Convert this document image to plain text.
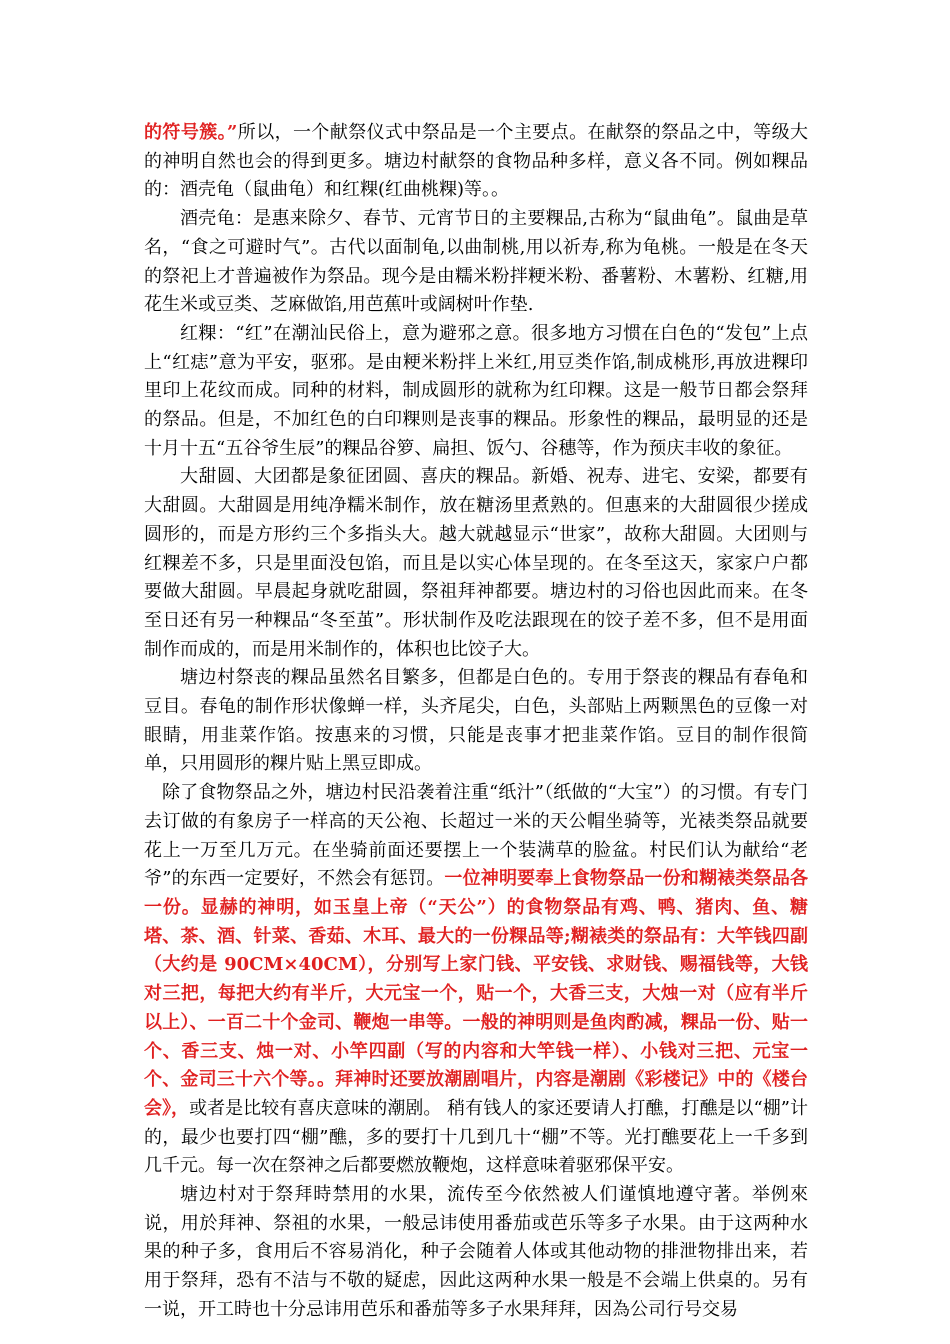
的符号簇。”所以，一个献祭仪式中祭品是一个主要点。在献祭的祭品之中，等级大的神明自然也会的得到更多。塘边村献祭的食物品种多样，意义各不同。例如粿品的：酒壳龟（鼠曲龟）和红粿(红曲桃粿)等。。

酒壳龟：是惠来除夕、春节、元宵节日的主要粿品,古称为“鼠曲龟”。鼠曲是草名，“食之可避时气”。古代以面制龟,以曲制桃,用以祈寿,称为龟桃。一般是在冬天的祭祀上才普遍被作为祭品。现今是由糯米粉拌粳米粉、番薯粉、木薯粉、红糖,用花生米或豆类、芝麻做馅,用芭蕉叶或阔树叶作垫.

红粿：“红”在潮汕民俗上，意为避邪之意。很多地方习惯在白色的“发包”上点上“红痣”意为平安，驱邪。是由粳米粉拌上米红,用豆类作馅,制成桃形,再放进粿印里印上花纹而成。同种的材料，制成圆形的就称为红印粿。这是一般节日都会祭拜的祭品。但是，不加红色的白印粿则是丧事的粿品。形象性的粿品，最明显的还是十月十五“五谷爷生辰”的粿品谷箩、扁担、饭勺、谷穗等，作为预庆丰收的象征。

大甜圆、大团都是象征团圆、喜庆的粿品。新婚、祝寿、进宅、安梁，都要有大甜圆。大甜圆是用纯净糯米制作，放在糖汤里煮熟的。但惠来的大甜圆很少搓成圆形的，而是方形约三个多指头大。越大就越显示“世家”，故称大甜圆。大团则与红粿差不多，只是里面没包馅，而且是以实心体呈现的。在冬至这天，家家户户都要做大甜圆。早晨起身就吃甜圆，祭祖拜神都要。塘边村的习俗也因此而来。在冬至日还有另一种粿品“冬至茧”。形状制作及吃法跟现在的饺子差不多，但不是用面制作而成的，而是用米制作的，体积也比饺子大。

塘边村祭丧的粿品虽然名目繁多，但都是白色的。专用于祭丧的粿品有春龟和豆目。春龟的制作形状像蝉一样，头齐尾尖，白色，头部贴上两颗黑色的豆像一对眼睛，用韭菜作馅。按惠来的习惯，只能是丧事才把韭菜作馅。豆目的制作很简单，只用圆形的粿片贴上黑豆即成。

除了食物祭品之外，塘边村民沿袭着注重“纸汁”（纸做的“大宝”）的习惯。有专门去订做的有象房子一样高的天公袍、长超过一米的天公帽坐骑等，光裱类祭品就要花上一万至几万元。在坐骑前面还要摆上一个装满草的脸盆。村民们认为献给“老爷”的东西一定要好，不然会有惩罚。一位神明要奉上食物祭品一份和糊裱类祭品各一份。显赫的神明，如玉皇上帝（“天公”）的食物祭品有鸡、鸭、猪肉、鱼、糖塔、茶、酒、针菜、香茹、木耳、最大的一份粿品等;糊裱类的祭品有：大竿钱四副（大约是 90CM×40CM），分别写上家门钱、平安钱、求财钱、赐福钱等，大钱对三把，每把大约有半斤，大元宝一个，贴一个，大香三支，大烛一对（应有半斤以上）、一百二十个金司、鞭炮一串等。一般的神明则是鱼肉酌减，粿品一份、贴一个、香三支、烛一对、小竿四副（写的内容和大竿钱一样）、小钱对三把、元宝一个、金司三十六个等。。拜神时还要放潮剧唱片，内容是潮剧《彩楼记》中的《楼台会》，或者是比较有喜庆意味的潮剧。 稍有钱人的家还要请人打醮，打醮是以“棚”计的，最少也要打四“棚”醮，多的要打十几到几十“棚”不等。光打醮要花上一千多到几千元。每一次在祭神之后都要燃放鞭炮，这样意味着驱邪保平安。

塘边村对于祭拜時禁用的水果，流传至今依然被人们谨慎地遵守著。举例來说，用於拜神、祭祖的水果，一般忌讳使用番茄或芭乐等多子水果。由于这两种水果的种子多，食用后不容易消化，种子会随着人体或其他动物的排泄物排出来，若用于祭拜，恐有不洁与不敬的疑虑，因此这两种水果一般是不会端上供桌的。另有一说，开工時也十分忌讳用芭乐和番茄等多子水果拜拜，因為公司行号交易
